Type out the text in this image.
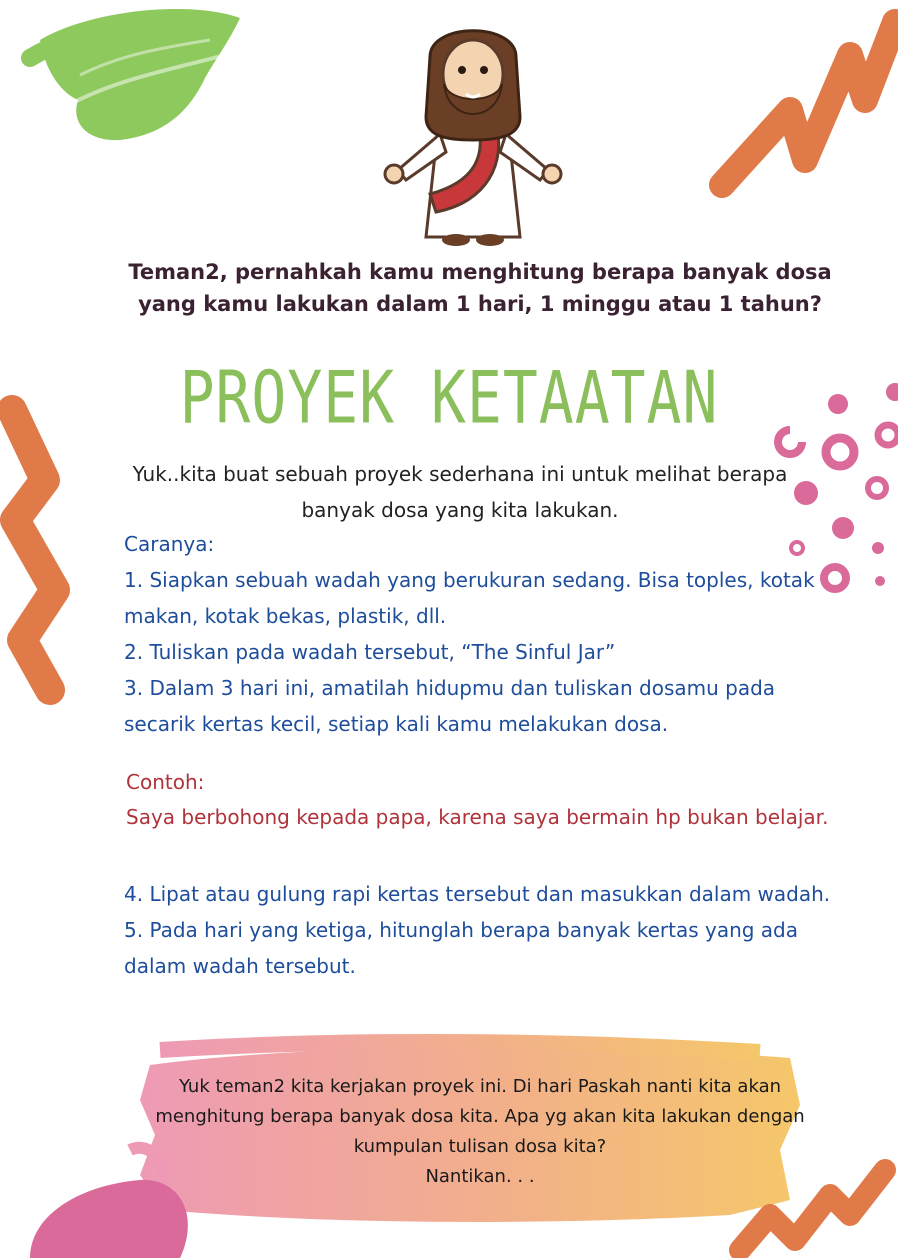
Teman2, pernahkah kamu menghitung berapa banyak dosa yang kamu lakukan dalam 1 hari, 1 minggu atau 1 tahun?

PROYEK KETAATAN

Yuk..kita buat sebuah proyek sederhana ini untuk melihat berapa banyak dosa yang kita lakukan.

Caranya:

1. Siapkan sebuah wadah yang berukuran sedang. Bisa toples, kotak makan, kotak bekas, plastik, dll.

2. Tuliskan pada wadah tersebut, “The Sinful Jar”

3. Dalam 3 hari ini, amatilah hidupmu dan tuliskan dosamu pada secarik kertas kecil, setiap kali kamu melakukan dosa.

Contoh:

Saya berbohong kepada papa, karena saya bermain hp bukan belajar.

4. Lipat atau gulung rapi kertas tersebut dan masukkan dalam wadah.

5. Pada hari yang ketiga, hitunglah berapa banyak kertas yang ada dalam wadah tersebut.

Yuk teman2 kita kerjakan proyek ini. Di hari Paskah nanti kita akan menghitung berapa banyak dosa kita. Apa yg akan kita lakukan dengan kumpulan tulisan dosa kita?
Nantikan. . .
